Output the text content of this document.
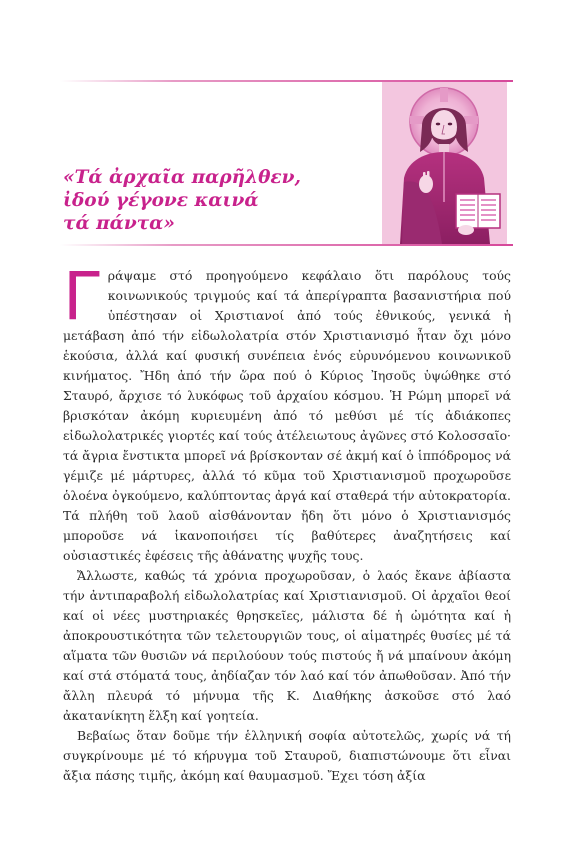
«Τά ἀρχαῖα παρῆλθεν,
ἰδού γέγονε καινά
τά πάντα»

Γράψαμε στό προηγούμενο κεφάλαιο ὅτι παρόλους τούς κοινωνικούς τριγμούς καί τά ἀπερίγραπτα βασανιστήρια πού ὑπέστησαν οἱ Χριστιανοί ἀπό τούς ἐθνικούς, γενικά ἡ μετάβαση ἀπό τήν εἰδωλολατρία στόν Χριστιανισμό ἦταν ὄχι μόνο ἑκούσια, ἀλλά καί φυσική συνέπεια ἑνός εὐρυνόμενου κοινωνικοῦ κινήματος. Ἤδη ἀπό τήν ὥρα πού ὁ Κύριος Ἰησοῦς ὑψώθηκε στό Σταυρό, ἄρχισε τό λυκόφως τοῦ ἀρχαίου κόσμου. Ἡ Ρώμη μπορεῖ νά βρισκόταν ἀκόμη κυριευμένη ἀπό τό μεθύσι μέ τίς ἀδιάκοπες εἰδωλολατρικές γιορτές καί τούς ἀτέλειωτους ἀγῶνες στό Κολοσσαῖο· τά ἄγρια ἔνστικτα μπορεῖ νά βρίσκονταν σέ ἀκμή καί ὁ ἱππόδρομος νά γέμιζε μέ μάρτυρες, ἀλλά τό κῦμα τοῦ Χριστιανισμοῦ προχωροῦσε ὁλοένα ὀγκούμενο, καλύπτοντας ἀργά καί σταθερά τήν αὐτοκρατορία. Τά πλήθη τοῦ λαοῦ αἰσθάνονταν ἤδη ὅτι μόνο ὁ Χριστιανισμός μποροῦσε νά ἱκανοποιήσει τίς βαθύτερες ἀναζητήσεις καί οὐσιαστικές ἐφέσεις τῆς ἀθάνατης ψυχῆς τους.

Ἄλλωστε, καθώς τά χρόνια προχωροῦσαν, ὁ λαός ἔκανε ἀβίαστα τήν ἀντιπαραβολή εἰδωλολατρίας καί Χριστιανισμοῦ. Οἱ ἀρχαῖοι θεοί καί οἱ νέες μυστηριακές θρησκεῖες, μάλιστα δέ ἡ ὠμότητα καί ἡ ἀποκρουστικότητα τῶν τελετουργιῶν τους, οἱ αἱματηρές θυσίες μέ τά αἵματα τῶν θυσιῶν νά περιλούουν τούς πιστούς ἤ νά μπαίνουν ἀκόμη καί στά στόματά τους, ἀηδίαζαν τόν λαό καί τόν ἀπωθοῦσαν. Ἀπό τήν ἄλλη πλευρά τό μήνυμα τῆς Κ. Διαθήκης ἀσκοῦσε στό λαό ἀκατανίκητη ἕλξη καί γοητεία.

Βεβαίως ὅταν δοῦμε τήν ἑλληνική σοφία αὐτοτελῶς, χωρίς νά τή συγκρίνουμε μέ τό κήρυγμα τοῦ Σταυροῦ, διαπιστώνουμε ὅτι εἶναι ἄξια πάσης τιμῆς, ἀκόμη καί θαυμασμοῦ. Ἔχει τόση ἀξία
